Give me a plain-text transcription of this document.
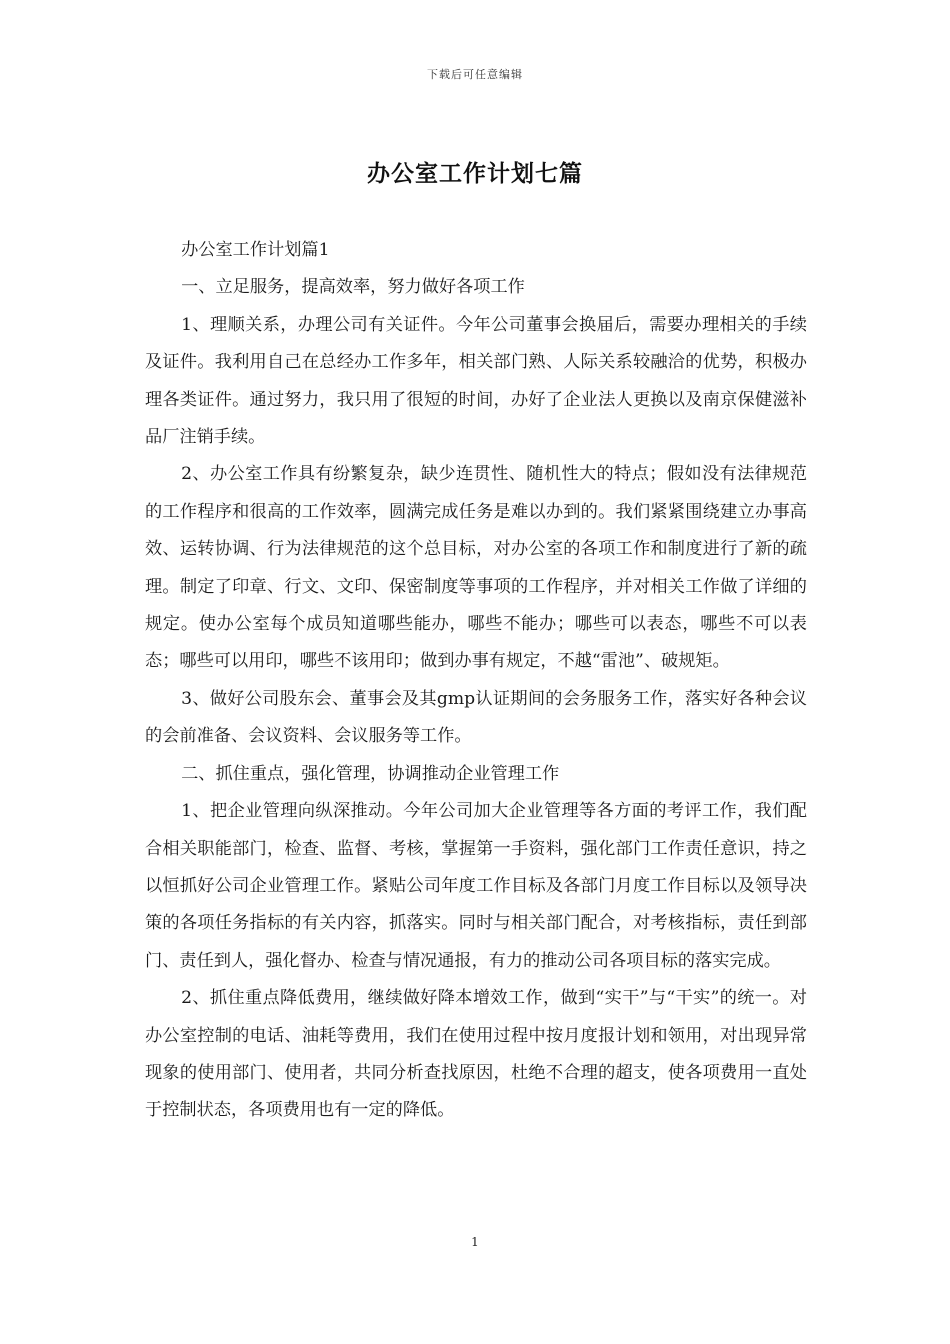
下载后可任意编辑
办公室工作计划七篇

办公室工作计划篇1

一、立足服务，提高效率，努力做好各项工作

1、理顺关系，办理公司有关证件。今年公司董事会换届后，需要办理相关的手续及证件。我利用自己在总经办工作多年，相关部门熟、人际关系较融洽的优势，积极办理各类证件。通过努力，我只用了很短的时间，办好了企业法人更换以及南京保健滋补品厂注销手续。

2、办公室工作具有纷繁复杂，缺少连贯性、随机性大的特点；假如没有法律规范的工作程序和很高的工作效率，圆满完成任务是难以办到的。我们紧紧围绕建立办事高效、运转协调、行为法律规范的这个总目标，对办公室的各项工作和制度进行了新的疏理。制定了印章、行文、文印、保密制度等事项的工作程序，并对相关工作做了详细的规定。使办公室每个成员知道哪些能办，哪些不能办；哪些可以表态，哪些不可以表态；哪些可以用印，哪些不该用印；做到办事有规定，不越“雷池”、破规矩。

3、做好公司股东会、董事会及其gmp认证期间的会务服务工作，落实好各种会议的会前准备、会议资料、会议服务等工作。

二、抓住重点，强化管理，协调推动企业管理工作

1、把企业管理向纵深推动。今年公司加大企业管理等各方面的考评工作，我们配合相关职能部门，检查、监督、考核，掌握第一手资料，强化部门工作责任意识，持之以恒抓好公司企业管理工作。紧贴公司年度工作目标及各部门月度工作目标以及领导决策的各项任务指标的有关内容，抓落实。同时与相关部门配合，对考核指标，责任到部门、责任到人，强化督办、检查与情况通报，有力的推动公司各项目标的落实完成。

2、抓住重点降低费用，继续做好降本增效工作，做到“实干”与“干实”的统一。对办公室控制的电话、油耗等费用，我们在使用过程中按月度报计划和领用，对出现异常现象的使用部门、使用者，共同分析查找原因，杜绝不合理的超支，使各项费用一直处于控制状态，各项费用也有一定的降低。

1
